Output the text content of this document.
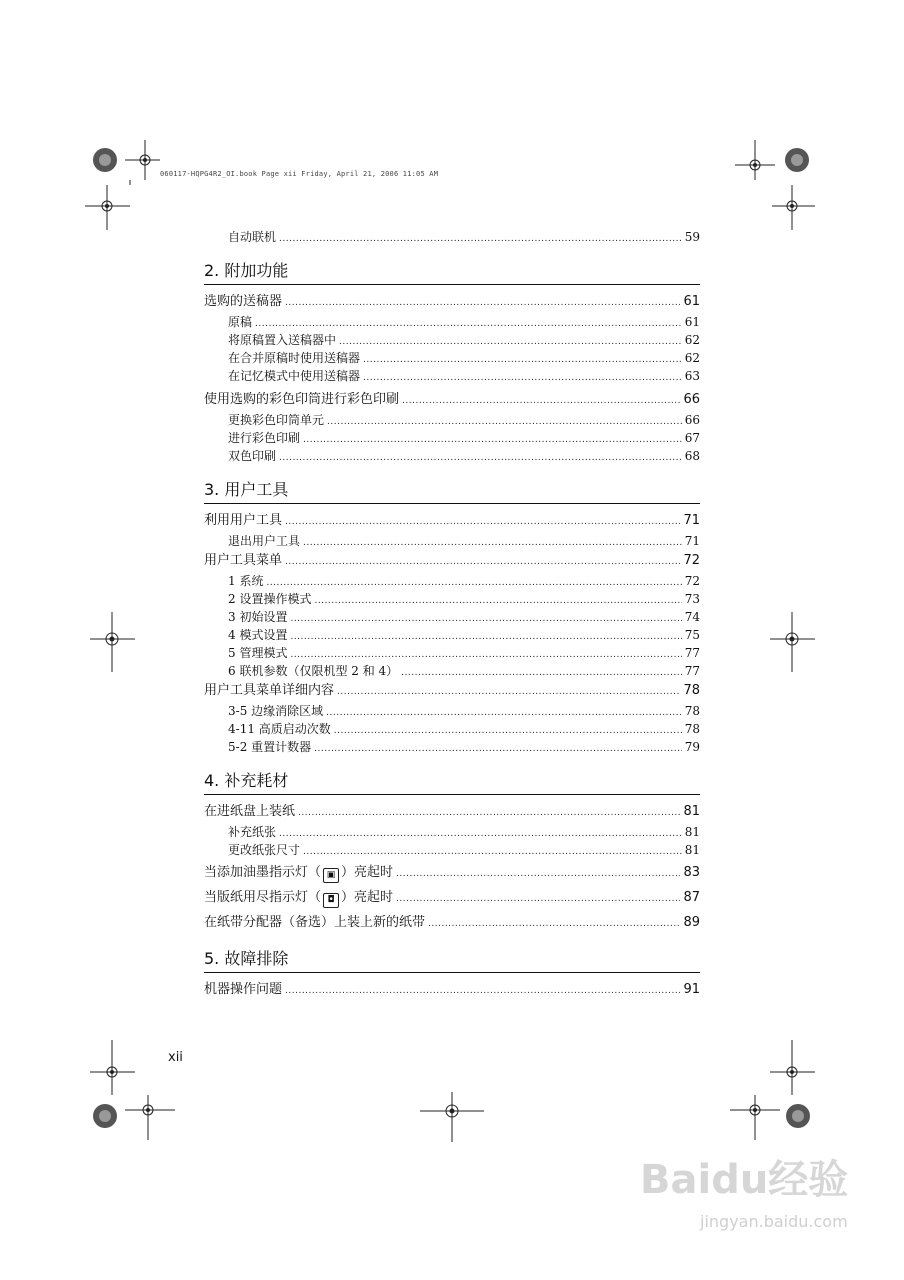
060117-HQPG4R2_OI.book Page xii Friday, April 21, 2006 11:05 AM
自动联机 .....	59
2. 附加功能
选购的送稿器 .....	61
原稿 .....	61
将原稿置入送稿器中 .....	62
在合并原稿时使用送稿器 .....	62
在记忆模式中使用送稿器 .....	63
使用选购的彩色印筒进行彩色印刷 .....	66
更换彩色印筒单元 .....	66
进行彩色印刷 .....	67
双色印刷 .....	68
3. 用户工具
利用用户工具 .....	71
退出用户工具 .....	71
用户工具菜单 .....	72
1 系统 .....	72
2 设置操作模式 .....	73
3 初始设置 .....	74
4 模式设置 .....	75
5 管理模式 .....	77
6 联机参数（仅限机型 2 和 4） .....	77
用户工具菜单详细内容 .....	78
3-5 边缘消除区域 .....	78
4-11 高质启动次数 .....	78
5-2 重置计数器 .....	79
4. 补充耗材
在进纸盘上装纸 .....	81
补充纸张 .....	81
更改纸张尺寸 .....	81
当添加油墨指示灯（ ▣ ）亮起时 .....	83
当版纸用尽指示灯（ ◘ ）亮起时 .....	87
在纸带分配器（备选）上装上新的纸带 .....	89
5. 故障排除
机器操作问题 .....	91
xii
Baidu经验
jingyan.baidu.com
